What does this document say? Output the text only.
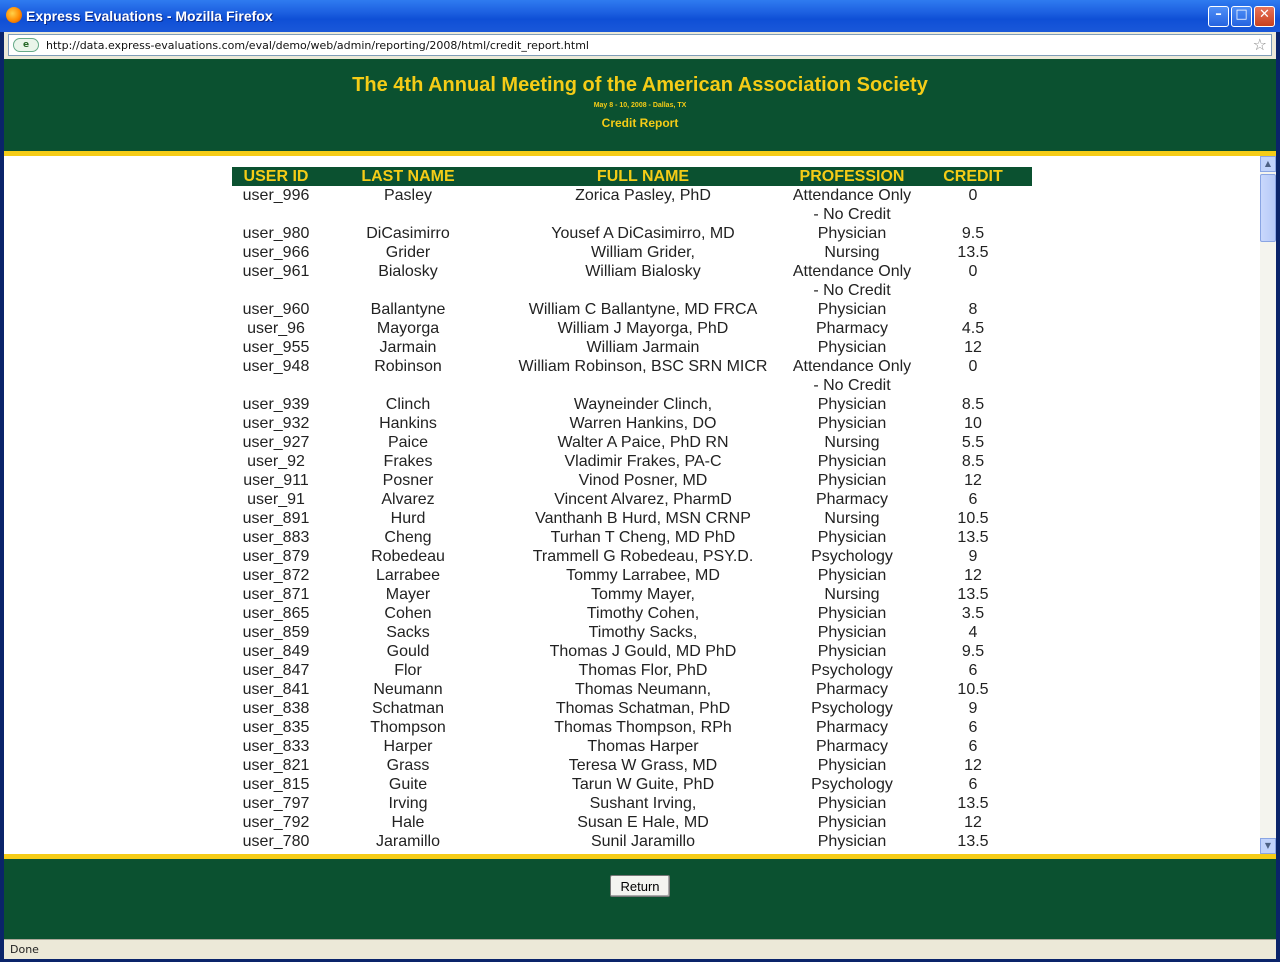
Express Evaluations - Mozilla Firefox	–	□ ✕
e	http://data.express-evaluations.com/eval/demo/web/admin/reporting/2008/html/credit_report.html	☆
The 4th Annual Meeting of the American Association Society
May 8 - 10, 2008 - Dallas, TX
Credit Report
USER ID	LAST NAME	FULL NAME	PROFESSION	CREDIT
user_996	Pasley	Zorica Pasley, PhD	Attendance Only - No Credit	0
user_980	DiCasimirro	Yousef A DiCasimirro, MD	Physician	9.5
user_966	Grider	William Grider,	Nursing	13.5
user_961	Bialosky	William Bialosky	Attendance Only - No Credit	0
user_960	Ballantyne	William C Ballantyne, MD FRCA	Physician	8
user_96	Mayorga	William J Mayorga, PhD	Pharmacy	4.5
user_955	Jarmain	William Jarmain	Physician	12
user_948	Robinson	William Robinson, BSC SRN MICR	Attendance Only - No Credit	0
user_939	Clinch	Wayneinder Clinch,	Physician	8.5
user_932	Hankins	Warren Hankins, DO	Physician	10
user_927	Paice	Walter A Paice, PhD RN	Nursing	5.5
user_92	Frakes	Vladimir Frakes, PA-C	Physician	8.5
user_911	Posner	Vinod Posner, MD	Physician	12
user_91	Alvarez	Vincent Alvarez, PharmD	Pharmacy	6
user_891	Hurd	Vanthanh B Hurd, MSN CRNP	Nursing	10.5
user_883	Cheng	Turhan T Cheng, MD PhD	Physician	13.5
user_879	Robedeau	Trammell G Robedeau, PSY.D.	Psychology	9
user_872	Larrabee	Tommy Larrabee, MD	Physician	12
user_871	Mayer	Tommy Mayer,	Nursing	13.5
user_865	Cohen	Timothy Cohen,	Physician	3.5
user_859	Sacks	Timothy Sacks,	Physician	4
user_849	Gould	Thomas J Gould, MD PhD	Physician	9.5
user_847	Flor	Thomas Flor, PhD	Psychology	6
user_841	Neumann	Thomas Neumann,	Pharmacy	10.5
user_838	Schatman	Thomas Schatman, PhD	Psychology	9
user_835	Thompson	Thomas Thompson, RPh	Pharmacy	6
user_833	Harper	Thomas Harper	Pharmacy	6
user_821	Grass	Teresa W Grass, MD	Physician	12
user_815	Guite	Tarun W Guite, PhD	Psychology	6
user_797	Irving	Sushant Irving,	Physician	13.5
user_792	Hale	Susan E Hale, MD	Physician	12
user_780	Jaramillo	Sunil Jaramillo	Physician	13.5
▲
▼
Return
Done
